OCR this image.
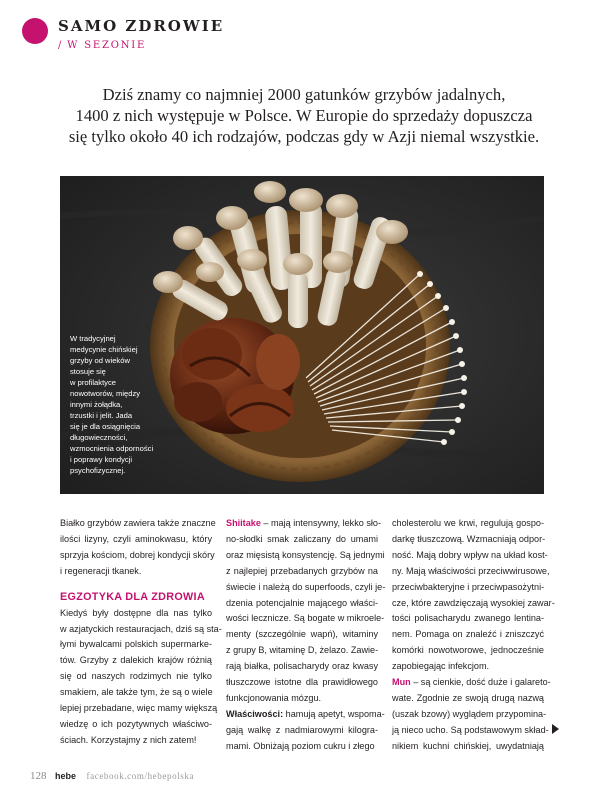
SAMO ZDROWIE
/ W SEZONIE
Dziś znamy co najmniej 2000 gatunków grzybów jadalnych,
1400 z nich występuje w Polsce. W Europie do sprzedaży dopuszcza
się tylko około 40 ich rodzajów, podczas gdy w Azji niemal wszystkie.
W tradycyjnej
medycynie chińskiej
grzyby od wieków
stosuje się
w profilaktyce
nowotworów, między
innymi żołądka,
trzustki i jelit. Jada
się je dla osiągnięcia
długowieczności,
wzmocnienia odporności
i poprawy kondycji
psychofizycznej.
Białko grzybów zawiera także znaczne
ilości lizyny, czyli aminokwasu, który
sprzyja kościom, dobrej kondycji skóry
i regeneracji tkanek.
EGZOTYKA DLA ZDROWIA
Kiedyś były dostępne dla nas tylko
w azjatyckich restauracjach, dziś są sta-
łymi bywalcami polskich supermarke-
tów. Grzyby z dalekich krajów różnią
się od naszych rodzimych nie tylko
smakiem, ale także tym, że są o wiele
lepiej przebadane, więc mamy większą
wiedzę o ich pozytywnych właściwo-
ściach. Korzystajmy z nich zatem!
Shiitake – mają intensywny, lekko sło-
no-słodki smak zaliczany do umami
oraz mięsistą konsystencję. Są jednymi
z najlepiej przebadanych grzybów na
świecie i należą do superfoods, czyli je-
dzenia potencjalnie mającego właści-
wości lecznicze. Są bogate w mikroele-
menty (szczególnie wapń), witaminy
z grupy B, witaminę D, żelazo. Zawie-
rają białka, polisacharydy oraz kwasy
tłuszczowe istotne dla prawidłowego
funkcjonowania mózgu.
Właściwości: hamują apetyt, wspoma-
gają walkę z nadmiarowymi kilogra-
mami. Obniżają poziom cukru i złego
cholesterolu we krwi, regulują gospo-
darkę tłuszczową. Wzmacniają odpor-
ność. Mają dobry wpływ na układ kost-
ny. Mają właściwości przeciwwirusowe,
przeciwbakteryjne i przeciwpasożytni-
cze, które zawdzięczają wysokiej zawar-
tości polisacharydu zwanego lentina-
nem. Pomaga on znaleźć i zniszczyć
komórki nowotworowe, jednocześnie
zapobiegając infekcjom.
Mun – są cienkie, dość duże i galareto-
wate. Zgodnie ze swoją drugą nazwą
(uszak bzowy) wyglądem przypomina-
ją nieco ucho. Są podstawowym skład-
nikiem kuchni chińskiej, uwydatniają
128 hebe facebook.com/hebepolska
